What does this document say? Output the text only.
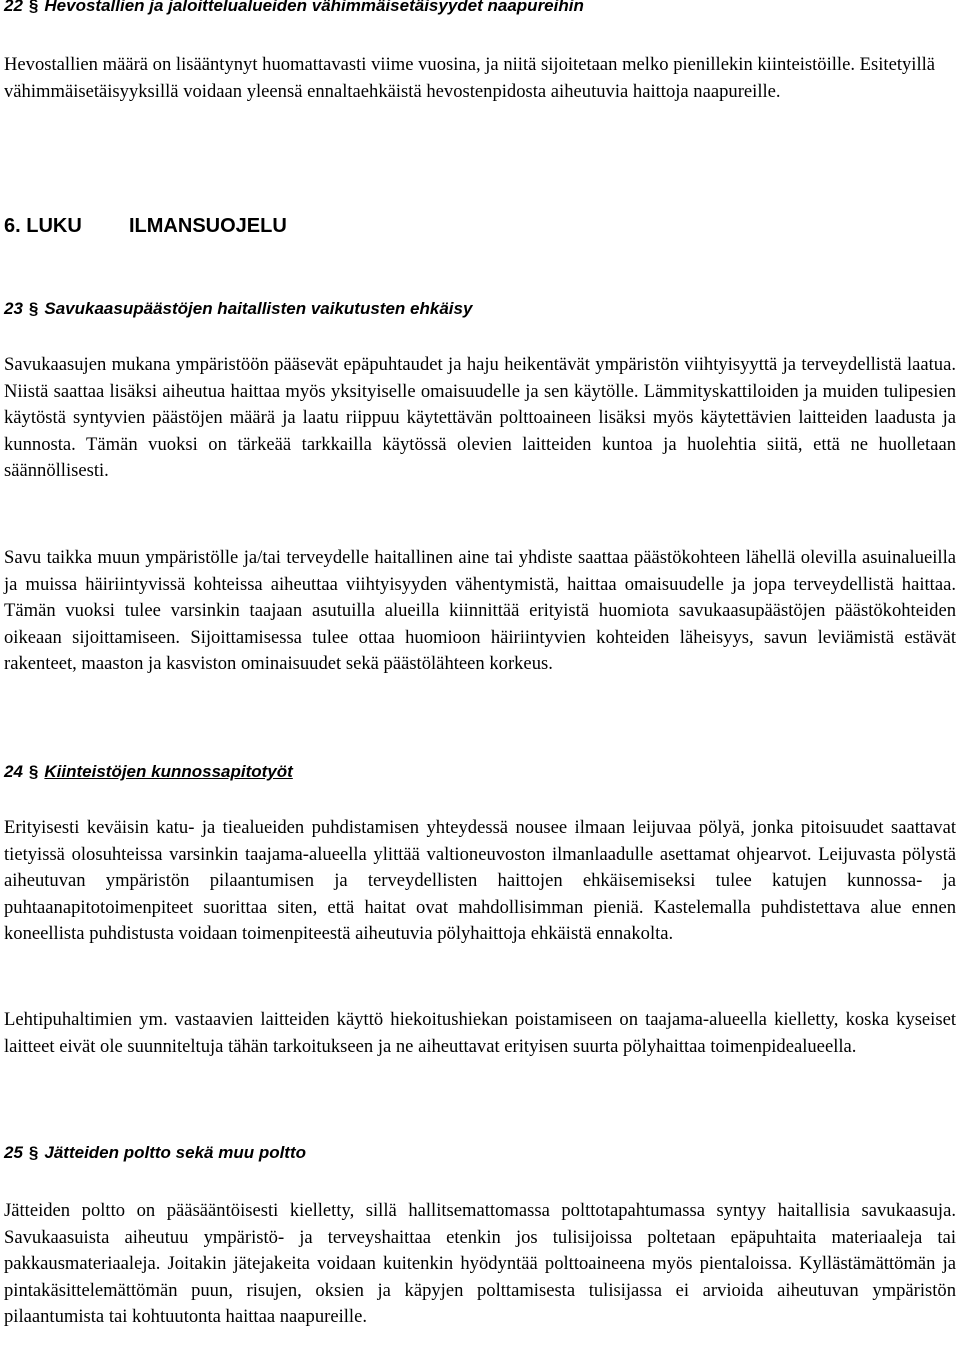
22 § Hevostallien ja jaloittelualueiden vähimmäisetäisyydet naapureihin

Hevostallien määrä on lisääntynyt huomattavasti viime vuosina, ja niitä sijoitetaan melko pienillekin kiinteistöille. Esitetyillä vähimmäisetäisyyksillä voidaan yleensä ennaltaehkäistä hevostenpidosta aiheutuvia haittoja naapureille.

6. LUKU ILMANSUOJELU
23 § Savukaasupäästöjen haitallisten vaikutusten ehkäisy

Savukaasujen mukana ympäristöön pääsevät epäpuhtaudet ja haju heikentävät ympäristön viihtyisyyttä ja terveydellistä laatua. Niistä saattaa lisäksi aiheutua haittaa myös yksityiselle omaisuudelle ja sen käytölle. Lämmityskattiloiden ja muiden tulipesien käytöstä syntyvien päästöjen määrä ja laatu riippuu käytettävän polttoaineen lisäksi myös käytettävien laitteiden laadusta ja kunnosta. Tämän vuoksi on tärkeää tarkkailla käytössä olevien laitteiden kuntoa ja huolehtia siitä, että ne huolletaan säännöllisesti.

Savu taikka muun ympäristölle ja/tai terveydelle haitallinen aine tai yhdiste saattaa päästökohteen lähellä olevilla asuinalueilla ja muissa häiriintyvissä kohteissa aiheuttaa viihtyisyyden vähentymistä, haittaa omaisuudelle ja jopa terveydellistä haittaa. Tämän vuoksi tulee varsinkin taajaan asutuilla alueilla kiinnittää erityistä huomiota savukaasupäästöjen päästökohteiden oikeaan sijoittamiseen. Sijoittamisessa tulee ottaa huomioon häiriintyvien kohteiden läheisyys, savun leviämistä estävät rakenteet, maaston ja kasviston ominaisuudet sekä päästölähteen korkeus.

24 § Kiinteistöjen kunnossapitotyöt

Erityisesti keväisin katu- ja tiealueiden puhdistamisen yhteydessä nousee ilmaan leijuvaa pölyä, jonka pitoisuudet saattavat tietyissä olosuhteissa varsinkin taajama-alueella ylittää valtioneuvoston ilmanlaadulle asettamat ohjearvot. Leijuvasta pölystä aiheutuvan ympäristön pilaantumisen ja terveydellisten haittojen ehkäisemiseksi tulee katujen kunnossa- ja puhtaanapitotoimenpiteet suorittaa siten, että haitat ovat mahdollisimman pieniä. Kastelemalla puhdistettava alue ennen koneellista puhdistusta voidaan toimenpiteestä aiheutuvia pölyhaittoja ehkäistä ennakolta.

Lehtipuhaltimien ym. vastaavien laitteiden käyttö hiekoitushiekan poistamiseen on taajama-alueella kielletty, koska kyseiset laitteet eivät ole suunniteltuja tähän tarkoitukseen ja ne aiheuttavat erityisen suurta pölyhaittaa toimenpidealueella.

25 § Jätteiden poltto sekä muu poltto

Jätteiden poltto on pääsääntöisesti kielletty, sillä hallitsemattomassa polttotapahtumassa syntyy haitallisia savukaasuja. Savukaasuista aiheutuu ympäristö- ja terveyshaittaa etenkin jos tulisijoissa poltetaan epäpuhtaita materiaaleja tai pakkausmateriaaleja. Joitakin jätejakeita voidaan kuitenkin hyödyntää polttoaineena myös pientaloissa. Kyllästämättömän ja pintakäsittelemättömän puun, risujen, oksien ja käpyjen polttamisesta tulisijassa ei arvioida aiheutuvan ympäristön pilaantumista tai kohtuutonta haittaa naapureille.
